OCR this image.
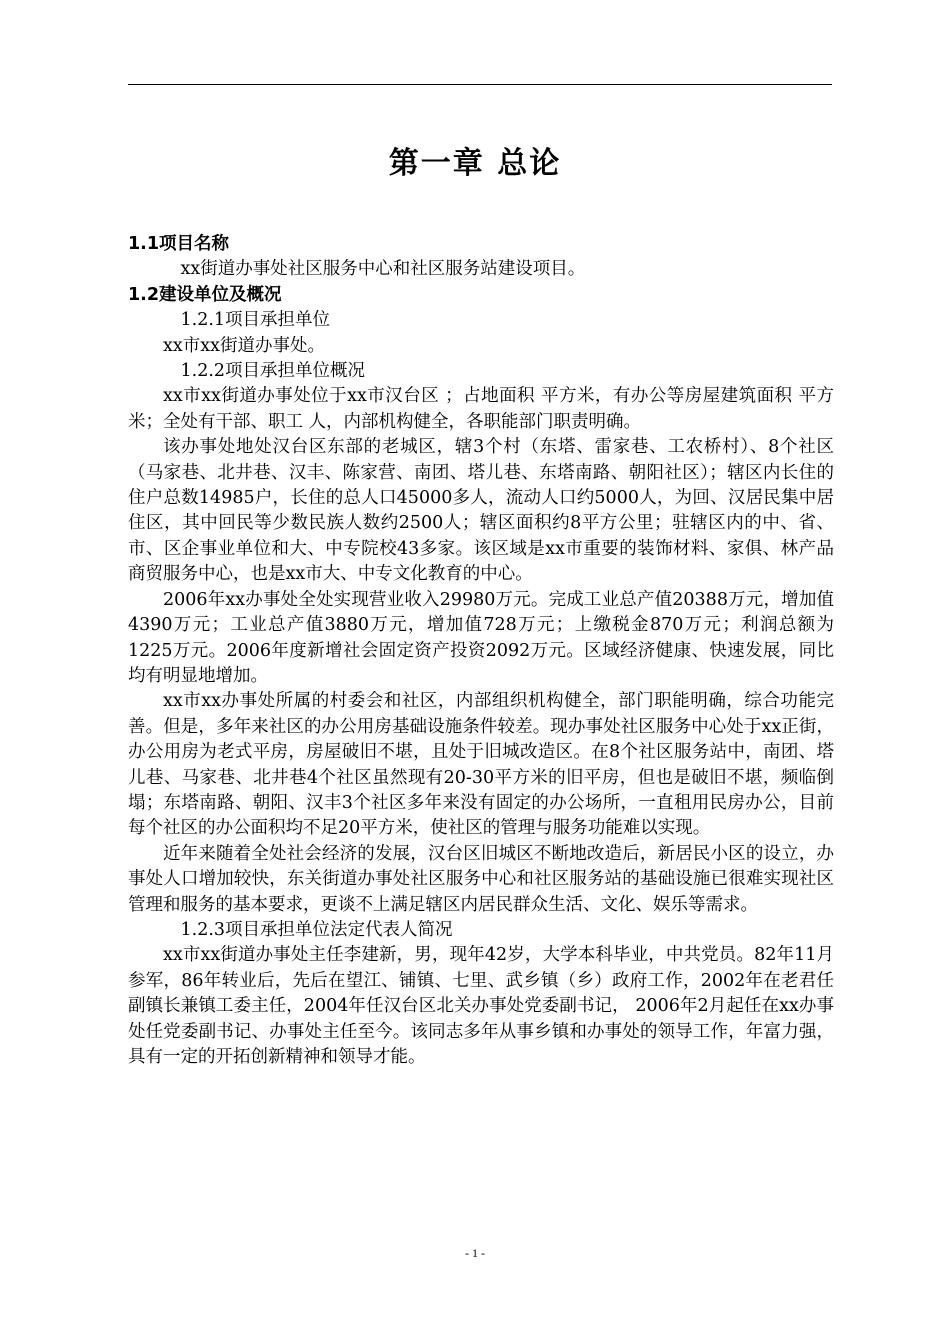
第一章 总论
1.1项目名称

xx街道办事处社区服务中心和社区服务站建设项目。

1.2建设单位及概况

1.2.1项目承担单位

xx市xx街道办事处。

1.2.2项目承担单位概况

xx市xx街道办事处位于xx市汉台区 ；占地面积 平方米，有办公等房屋建筑面积 平方米；全处有干部、职工 人，内部机构健全，各职能部门职责明确。

该办事处地处汉台区东部的老城区，辖3个村（东塔、雷家巷、工农桥村）、8个社区（马家巷、北井巷、汉丰、陈家营、南团、塔儿巷、东塔南路、朝阳社区）；辖区内长住的住户总数14985户，长住的总人口45000多人，流动人口约5000人，为回、汉居民集中居住区，其中回民等少数民族人数约2500人；辖区面积约8平方公里；驻辖区内的中、省、市、区企事业单位和大、中专院校43多家。该区域是xx市重要的装饰材料、家俱、林产品商贸服务中心，也是xx市大、中专文化教育的中心。

2006年xx办事处全处实现营业收入29980万元。完成工业总产值20388万元，增加值4390万元；工业总产值3880万元，增加值728万元；上缴税金870万元；利润总额为1225万元。2006年度新增社会固定资产投资2092万元。区域经济健康、快速发展，同比均有明显地增加。

xx市xx办事处所属的村委会和社区，内部组织机构健全，部门职能明确，综合功能完善。但是，多年来社区的办公用房基础设施条件较差。现办事处社区服务中心处于xx正街，办公用房为老式平房，房屋破旧不堪，且处于旧城改造区。在8个社区服务站中，南团、塔儿巷、马家巷、北井巷4个社区虽然现有20-30平方米的旧平房，但也是破旧不堪，频临倒塌；东塔南路、朝阳、汉丰3个社区多年来没有固定的办公场所，一直租用民房办公，目前每个社区的办公面积均不足20平方米，使社区的管理与服务功能难以实现。

近年来随着全处社会经济的发展，汉台区旧城区不断地改造后，新居民小区的设立，办事处人口增加较快，东关街道办事处社区服务中心和社区服务站的基础设施已很难实现社区管理和服务的基本要求，更谈不上满足辖区内居民群众生活、文化、娱乐等需求。

1.2.3项目承担单位法定代表人简况

xx市xx街道办事处主任李建新，男，现年42岁，大学本科毕业，中共党员。82年11月参军，86年转业后，先后在望江、铺镇、七里、武乡镇（乡）政府工作，2002年在老君任副镇长兼镇工委主任，2004年任汉台区北关办事处党委副书记， 2006年2月起任在xx办事处任党委副书记、办事处主任至今。该同志多年从事乡镇和办事处的领导工作，年富力强，具有一定的开拓创新精神和领导才能。

- 1 -
